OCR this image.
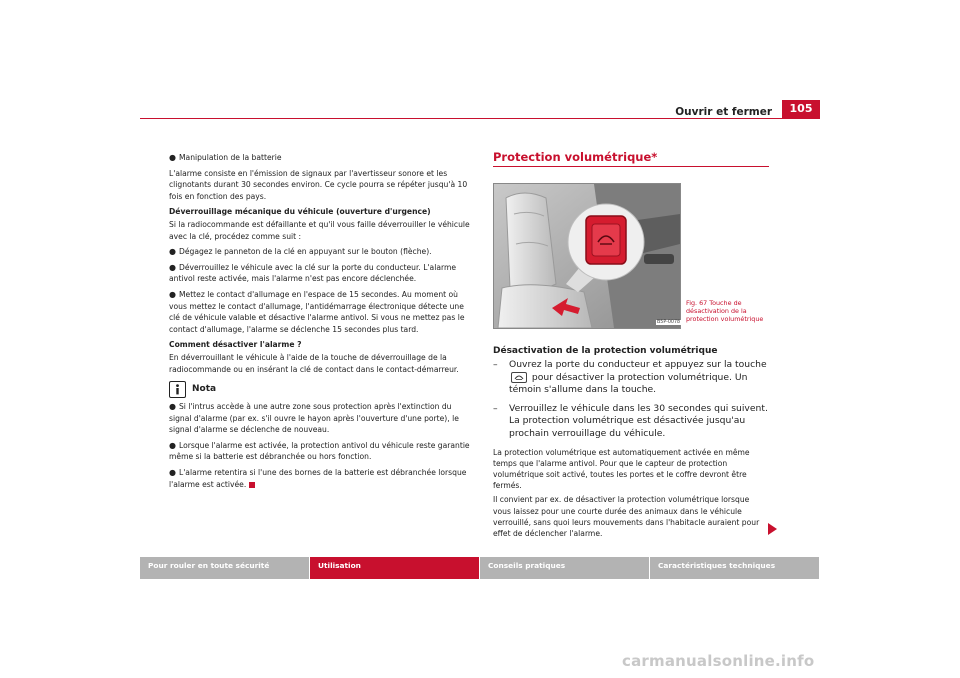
Ouvrir et fermer	105

● Manipulation de la batterie

L'alarme consiste en l'émission de signaux par l'avertisseur sonore et les clignotants durant 30 secondes environ. Ce cycle pourra se répéter jusqu'à 10 fois en fonction des pays.

Déverrouillage mécanique du véhicule (ouverture d'urgence)

Si la radiocommande est défaillante et qu'il vous faille déverrouiller le véhicule avec la clé, procédez comme suit :

● Dégagez le panneton de la clé en appuyant sur le bouton (flèche).

● Déverrouillez le véhicule avec la clé sur la porte du conducteur. L'alarme antivol reste activée, mais l'alarme n'est pas encore déclenchée.

● Mettez le contact d'allumage en l'espace de 15 secondes. Au moment où vous mettez le contact d'allumage, l'antidémarrage électronique détecte une clé de véhicule valable et désactive l'alarme antivol. Si vous ne mettez pas le contact d'allumage, l'alarme se déclenche 15 secondes plus tard.

Comment désactiver l'alarme ?

En déverrouillant le véhicule à l'aide de la touche de déverrouillage de la radiocommande ou en insérant la clé de contact dans le contact-démarreur.

Nota

● Si l'intrus accède à une autre zone sous protection après l'extinction du signal d'alarme (par ex. s'il ouvre le hayon après l'ouverture d'une porte), le signal d'alarme se déclenche de nouveau.

● Lorsque l'alarme est activée, la protection antivol du véhicule reste garantie même si la batterie est débranchée ou hors fonction.

● L'alarme retentira si l'une des bornes de la batterie est débranchée lorsque l'alarme est activée.

Protection volumétrique*
B5P-0078
Fig. 67 Touche de désactivation de la protection volumétrique
Désactivation de la protection volumétrique
–	Ouvrez la porte du conducteur et appuyez sur la touche
pour désactiver la protection volumétrique. Un témoin s'allume dans la touche.
–	Verrouillez le véhicule dans les 30 secondes qui suivent. La protection volumétrique est désactivée jusqu'au prochain verrouillage du véhicule.

La protection volumétrique est automatiquement activée en même temps que l'alarme antivol. Pour que le capteur de protection volumétrique soit activé, toutes les portes et le coffre devront être fermés.

Il convient par ex. de désactiver la protection volumétrique lorsque vous laissez pour une courte durée des animaux dans le véhicule verrouillé, sans quoi leurs mouvements dans l'habitacle auraient pour effet de déclencher l'alarme.

Pour rouler en toute sécurité	Utilisation	Conseils pratiques	Caractéristiques techniques
carmanualsonline.info
